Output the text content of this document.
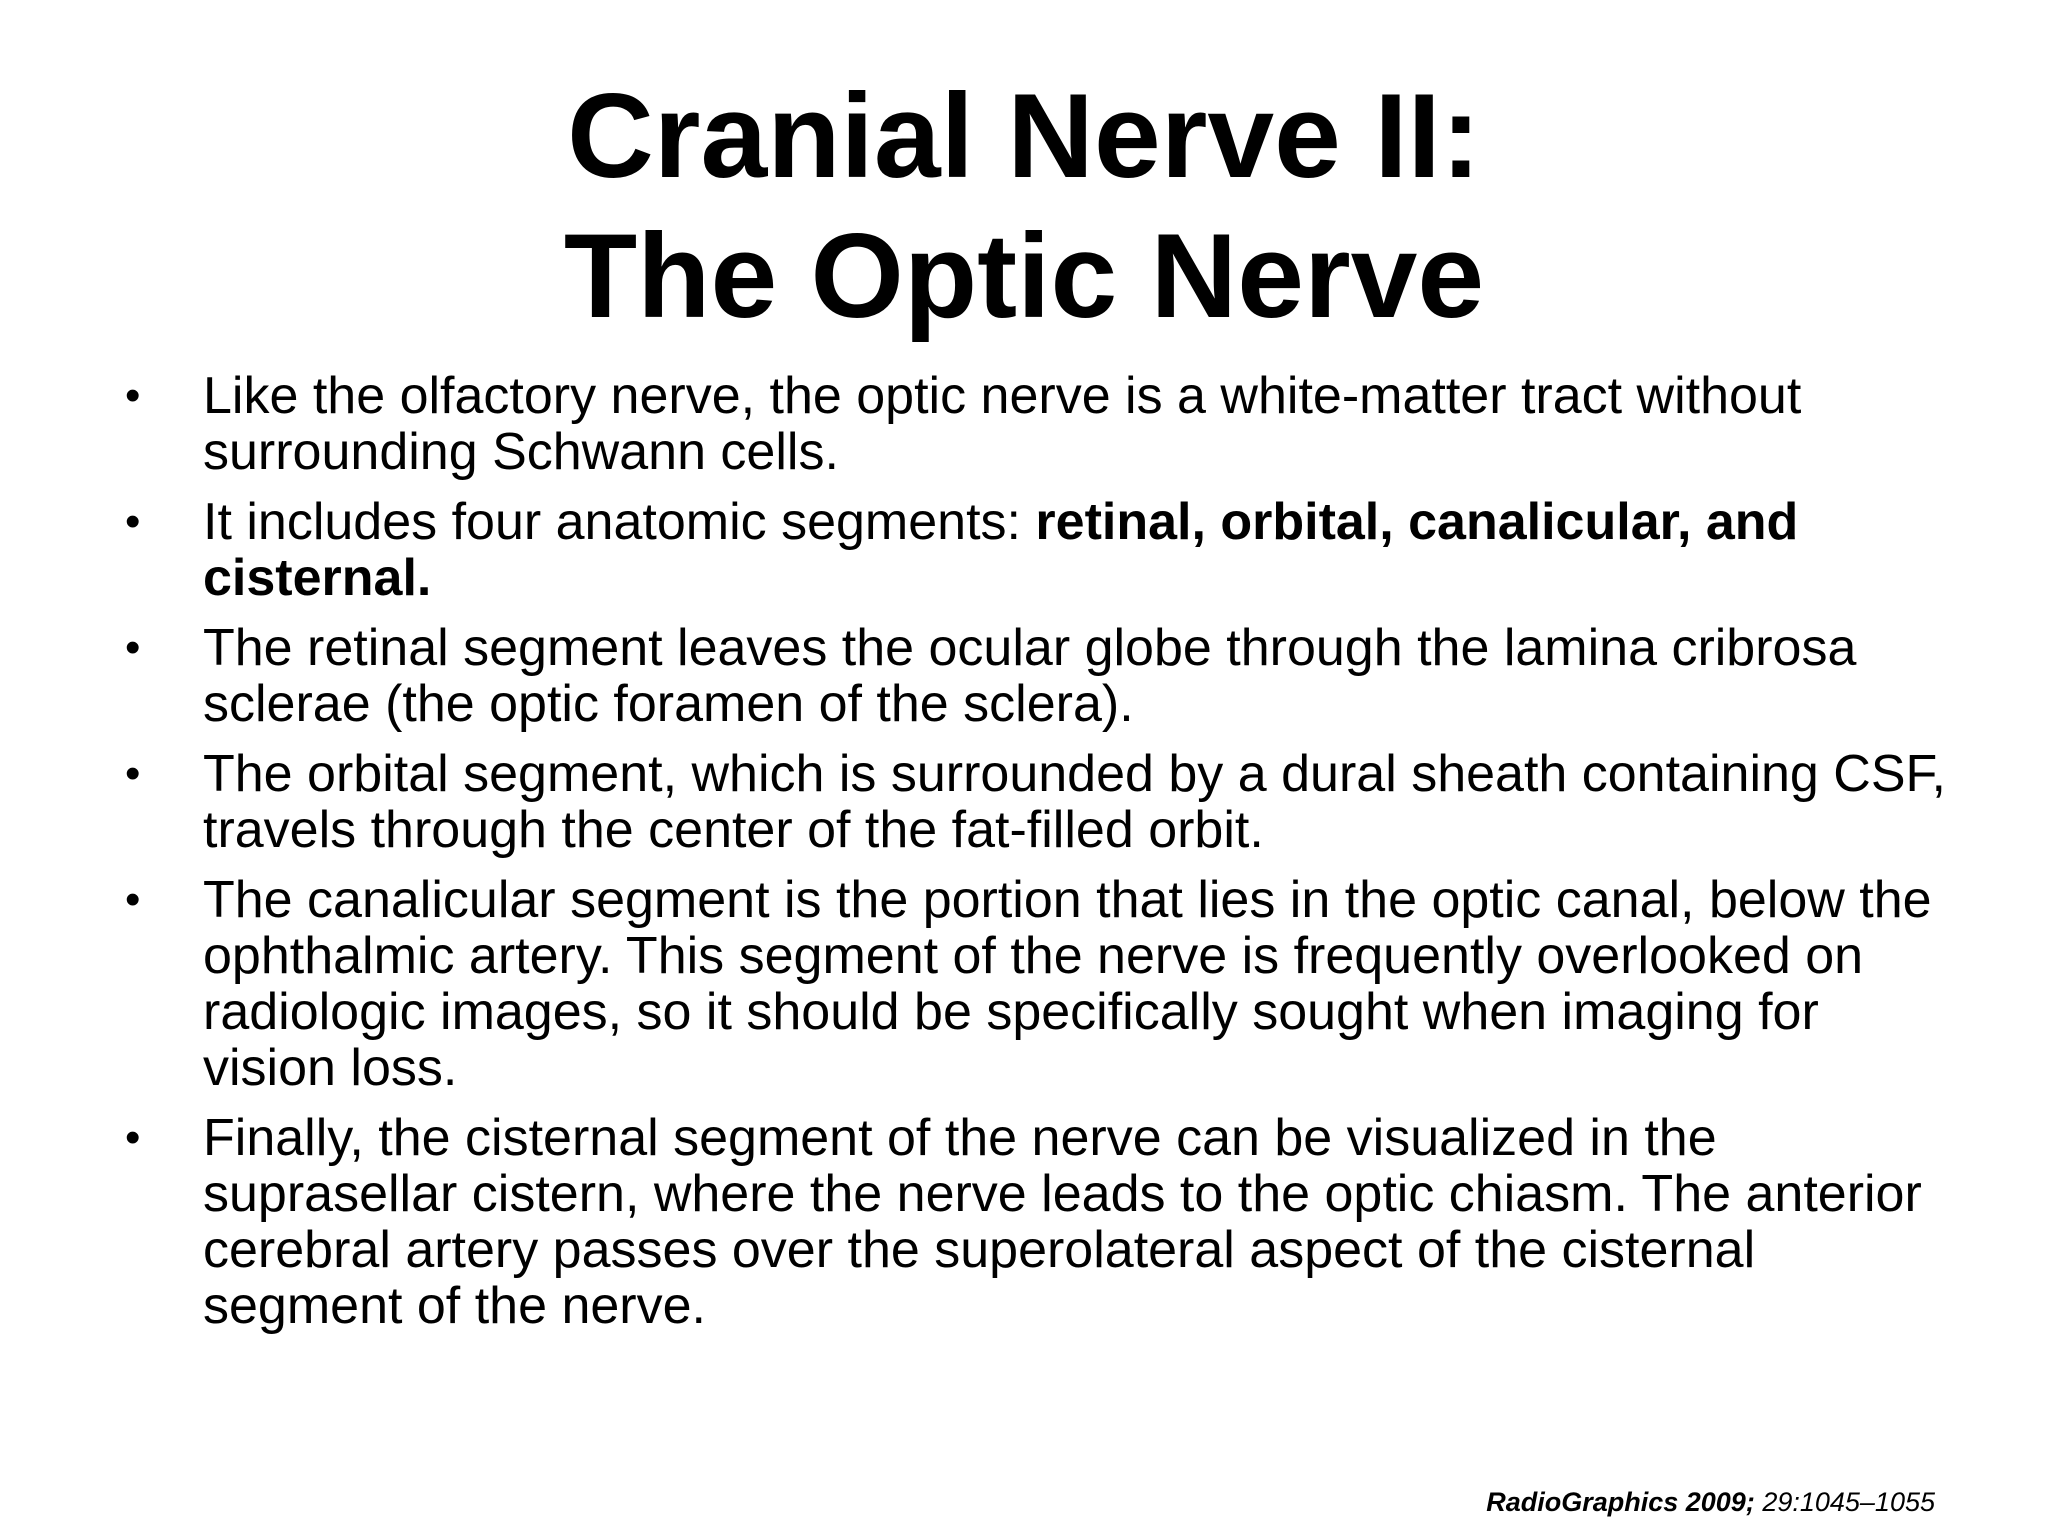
Cranial Nerve II:
The Optic Nerve
• Like the olfactory nerve, the optic nerve is a white-matter tract without surrounding Schwann cells.
• It includes four anatomic segments: retinal, orbital, canalicular, and cisternal.
• The retinal segment leaves the ocular globe through the lamina cribrosa sclerae (the optic foramen of the sclera).
• The orbital segment, which is surrounded by a dural sheath containing CSF, travels through the center of the fat-filled orbit.
• The canalicular segment is the portion that lies in the optic canal, below the ophthalmic artery. This segment of the nerve is frequently overlooked on radiologic images, so it should be specifically sought when imaging for vision loss.
• Finally, the cisternal segment of the nerve can be visualized in the suprasellar cistern, where the nerve leads to the optic chiasm. The anterior cerebral artery passes over the superolateral aspect of the cisternal segment of the nerve.
RadioGraphics 2009; 29:1045–1055
